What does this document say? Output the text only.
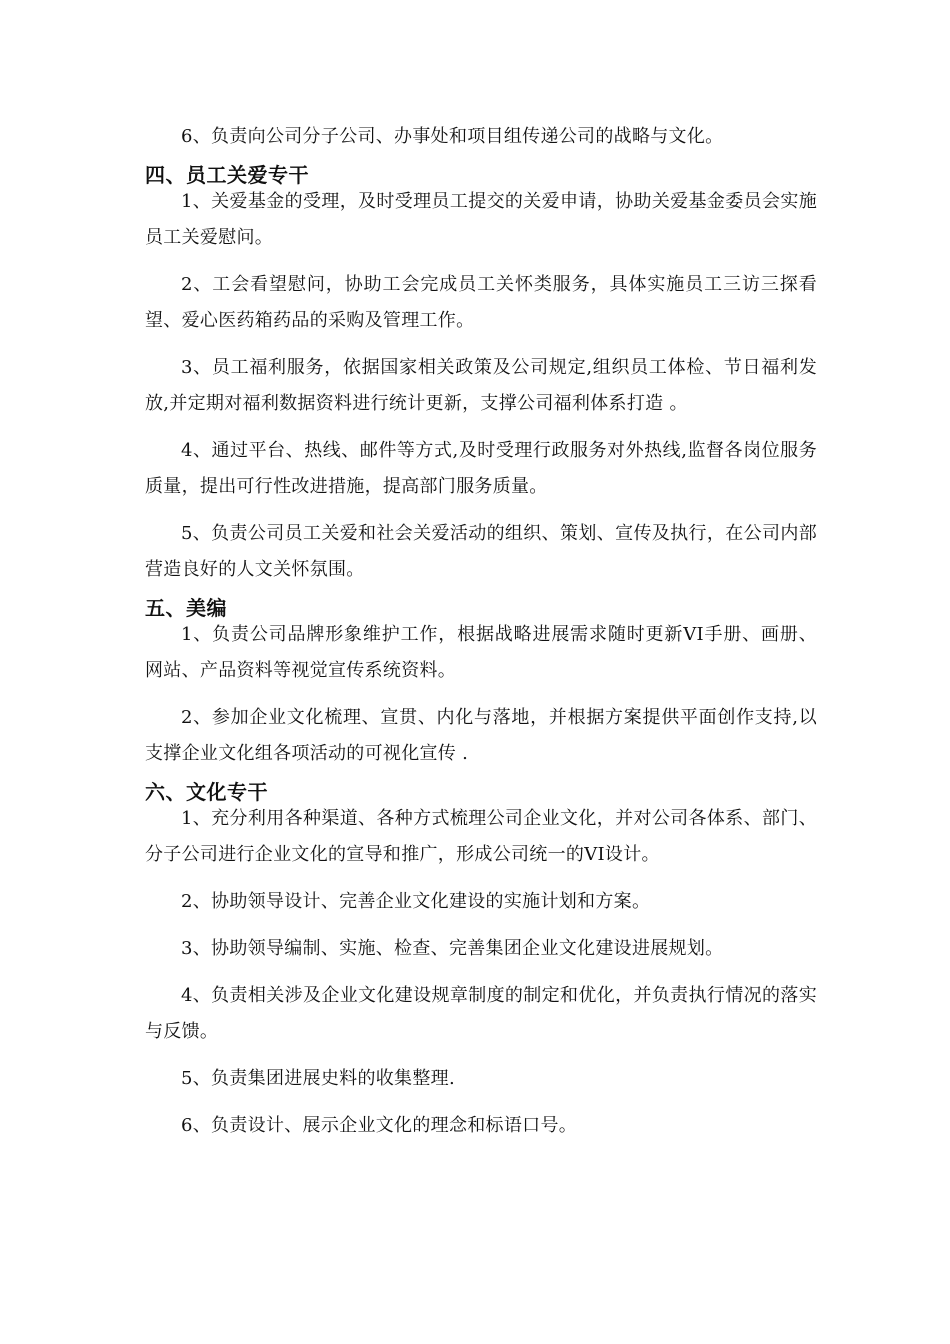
6、负责向公司分子公司、办事处和项目组传递公司的战略与文化。

四、员工关爱专干

1、关爱基金的受理，及时受理员工提交的关爱申请，协助关爱基金委员会实施员工关爱慰问。

2、工会看望慰问，协助工会完成员工关怀类服务，具体实施员工三访三探看望、爱心医药箱药品的采购及管理工作。

3、员工福利服务，依据国家相关政策及公司规定,组织员工体检、节日福利发放,并定期对福利数据资料进行统计更新，支撑公司福利体系打造 。

4、通过平台、热线、邮件等方式,及时受理行政服务对外热线,监督各岗位服务质量，提出可行性改进措施，提高部门服务质量。

5、负责公司员工关爱和社会关爱活动的组织、策划、宣传及执行，在公司内部营造良好的人文关怀氛围。

五、美编

1、负责公司品牌形象维护工作，根据战略进展需求随时更新VI手册、画册、网站、产品资料等视觉宣传系统资料。

2、参加企业文化梳理、宣贯、内化与落地，并根据方案提供平面创作支持,以支撑企业文化组各项活动的可视化宣传 .

六、文化专干

1、充分利用各种渠道、各种方式梳理公司企业文化，并对公司各体系、部门、分子公司进行企业文化的宣导和推广，形成公司统一的VI设计。

2、协助领导设计、完善企业文化建设的实施计划和方案。

3、协助领导编制、实施、检查、完善集团企业文化建设进展规划。

4、负责相关涉及企业文化建设规章制度的制定和优化，并负责执行情况的落实与反馈。

5、负责集团进展史料的收集整理.

6、负责设计、展示企业文化的理念和标语口号。
